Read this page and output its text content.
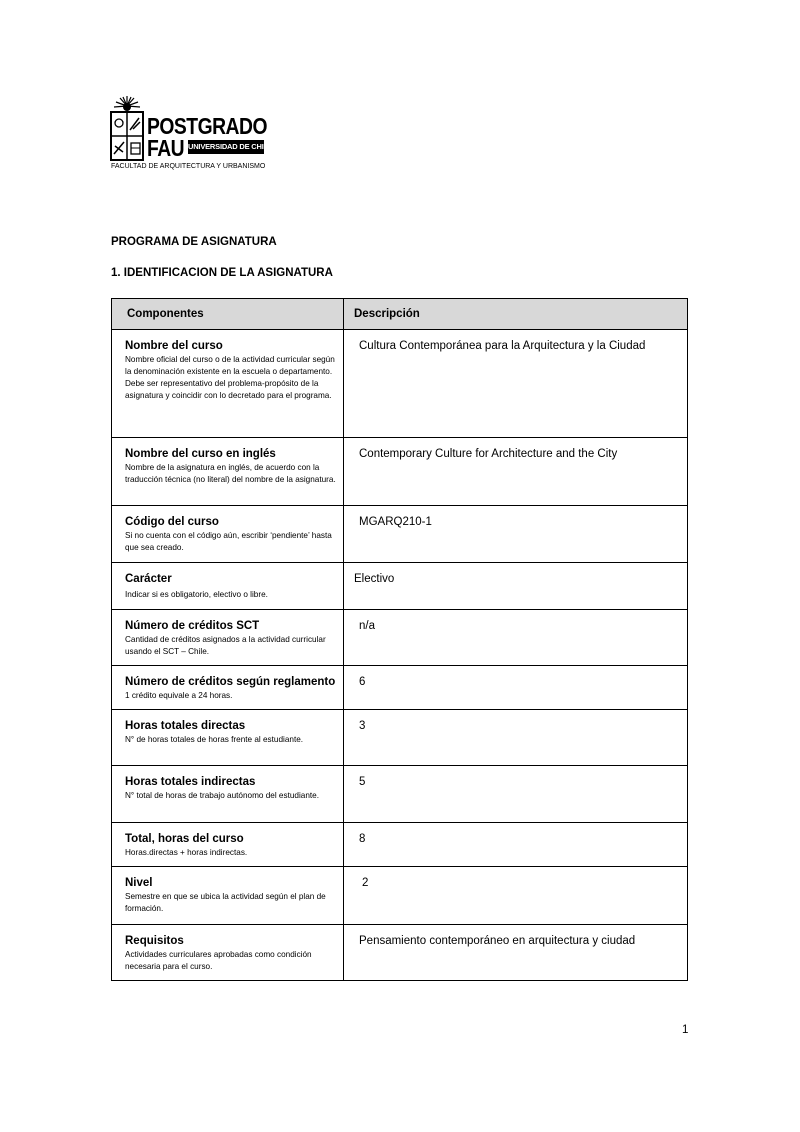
POSTGRADO
FAU UNIVERSIDAD DE CHILE
FACULTAD DE ARQUITECTURA Y URBANISMO
PROGRAMA DE ASIGNATURA
1. IDENTIFICACION DE LA ASIGNATURA
Componentes	Descripción

Nombre del curso
Nombre oficial del curso o de la actividad curricular según la denominación existente en la escuela o departamento. Debe ser representativo del problema-propósito de la asignatura y coincidir con lo decretado para el programa.	Cultura Contemporánea para la Arquitectura y la Ciudad

Nombre del curso en inglés
Nombre de la asignatura en inglés, de acuerdo con la traducción técnica (no literal) del nombre de la asignatura.	Contemporary Culture for Architecture and the City

Código del curso
Si no cuenta con el código aún, escribir ‘pendiente’ hasta que sea creado.	MGARQ210-1

Carácter
Indicar si es obligatorio, electivo o libre.	Electivo

Número de créditos SCT
Cantidad de créditos asignados a la actividad curricular usando el SCT – Chile.	n/a

Número de créditos según reglamento
1 crédito equivale a 24 horas.	6

Horas totales directas
N° de horas totales de horas frente al estudiante.	3

Horas totales indirectas
N° total de horas de trabajo autónomo del estudiante.	5

Total, horas del curso
Horas.directas + horas indirectas.	8

Nivel
Semestre en que se ubica la actividad según el plan de formación.	2

Requisitos
Actividades curriculares aprobadas como condición necesaria para el curso.	Pensamiento contemporáneo en arquitectura y ciudad
1
